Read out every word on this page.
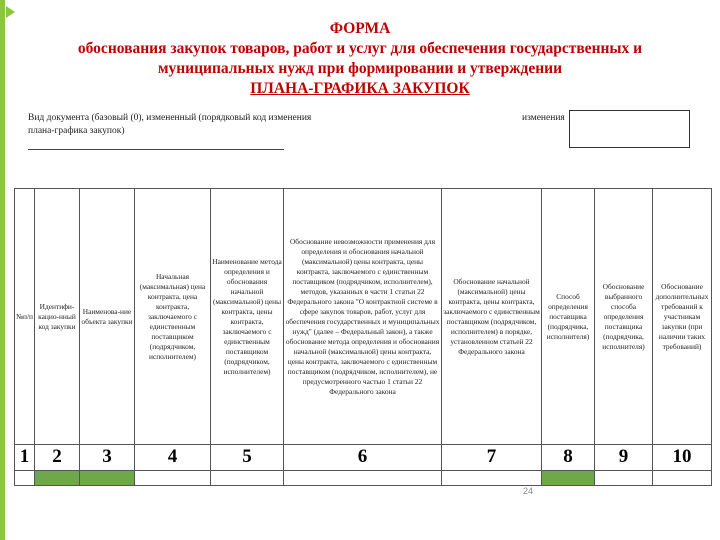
ФОРМА
обоснования закупок товаров, работ и услуг для обеспечения государственных и
муниципальных нужд при формировании и утверждении
ПЛАНА-ГРАФИКА ЗАКУПОК
Вид документа (базовый (0), измененный (порядковый код изменения плана-графика закупок)
изменения
№п/п	Идентифи-кацио-нный код закупки	Наименова-ние объекта закупки	Начальная (максимальная) цена контракта, цена контракта, заключаемого с единственным поставщиком (подрядчиком, исполнителем)	Наименование метода определения и обоснования начальной (максимальной) цены контракта, цены контракта, заключаемого с единственным поставщиком (подрядчиком, исполнителем)	Обоснование невозможности применения для определения и обоснования начальной (максимальной) цены контракта, цены контракта, заключаемого с единственным поставщиком (подрядчиком, исполнителем), методов, указанных в части 1 статьи 22 Федерального закона "О контрактной системе в сфере закупок товаров, работ, услуг для обеспечения государственных и муниципальных нужд" (далее – Федеральный закон), а также обоснование метода определения и обоснования начальной (максимальной) цены контракта, цены контракта, заключаемого с единственным поставщиком (подрядчиком, исполнителем), не предусмотренного частью 1 статьи 22 Федерального закона	Обоснование начальной (максимальной) цены контракта, цены контракта, заключаемого с единственным поставщиком (подрядчиком, исполнителем) в порядке, установленном статьей 22 Федерального закона	Способ определения поставщика (подрядчика, исполнителя)	Обоснование выбранного способа определения поставщика (подрядчика, исполнителя)	Обоснование дополнительных требований к участникам закупки (при наличии таких требований)
1	2	3	4	5	6	7	8	9	10

24
